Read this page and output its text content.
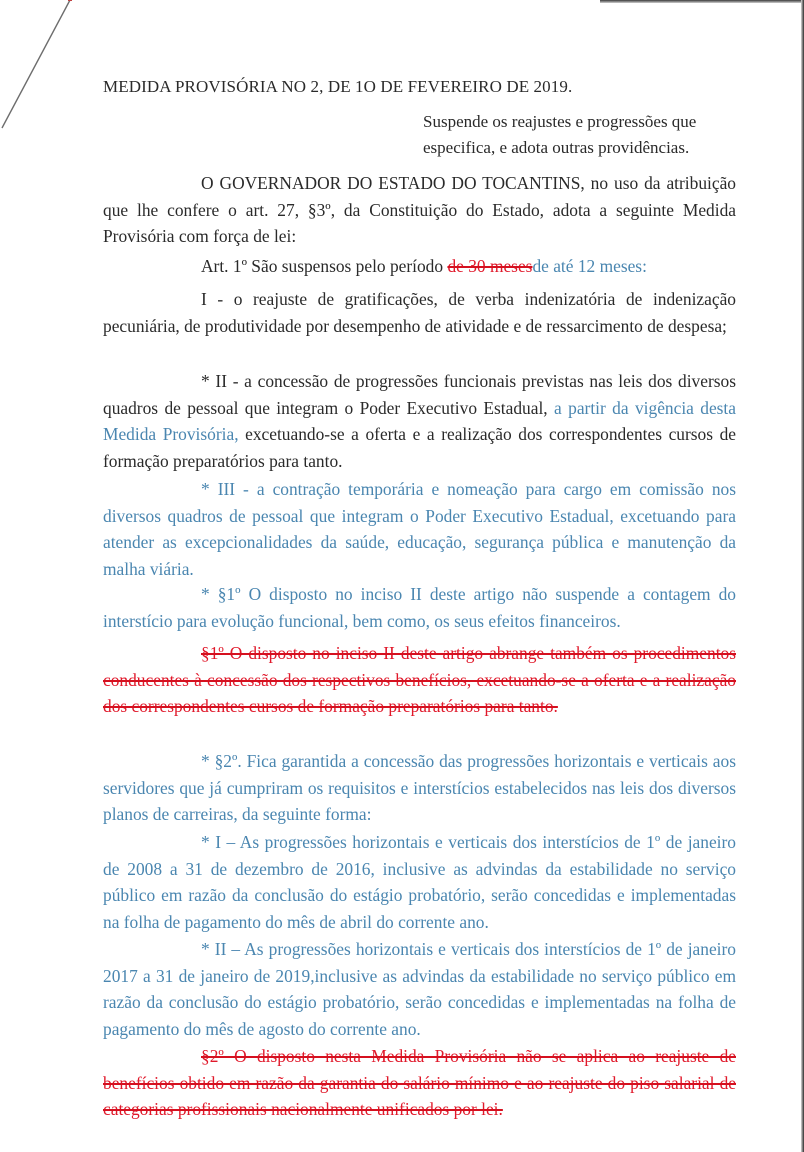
MEDIDA PROVISÓRIA NO 2, DE 1O DE FEVEREIRO DE 2019.
Suspende os reajustes e progressões que especifica, e adota outras providências.
O GOVERNADOR DO ESTADO DO TOCANTINS, no uso da atribuição que lhe confere o art. 27, §3º, da Constituição do Estado, adota a seguinte Medida Provisória com força de lei:
Art. 1º São suspensos pelo período de 30 mesesde até 12 meses:
I - o reajuste de gratificações, de verba indenizatória de indenização pecuniária, de produtividade por desempenho de atividade e de ressarcimento de despesa;
* II - a concessão de progressões funcionais previstas nas leis dos diversos quadros de pessoal que integram o Poder Executivo Estadual, a partir da vigência desta Medida Provisória, excetuando-se a oferta e a realização dos correspondentes cursos de formação preparatórios para tanto.
* III - a contração temporária e nomeação para cargo em comissão nos diversos quadros de pessoal que integram o Poder Executivo Estadual, excetuando para atender as excepcionalidades da saúde, educação, segurança pública e manutenção da malha viária.
* §1º O disposto no inciso II deste artigo não suspende a contagem do interstício para evolução funcional, bem como, os seus efeitos financeiros.
§1º O disposto no inciso II deste artigo abrange também os procedimentos conducentes à concessão dos respectivos benefícios, excetuando-se a oferta e a realização dos correspondentes cursos de formação preparatórios para tanto.
* §2º. Fica garantida a concessão das progressões horizontais e verticais aos servidores que já cumpriram os requisitos e interstícios estabelecidos nas leis dos diversos planos de carreiras, da seguinte forma:
* I – As progressões horizontais e verticais dos interstícios de 1º de janeiro de 2008 a 31 de dezembro de 2016, inclusive as advindas da estabilidade no serviço público em razão da conclusão do estágio probatório, serão concedidas e implementadas na folha de pagamento do mês de abril do corrente ano.
* II – As progressões horizontais e verticais dos interstícios de 1º de janeiro 2017 a 31 de janeiro de 2019,inclusive as advindas da estabilidade no serviço público em razão da conclusão do estágio probatório, serão concedidas e implementadas na folha de pagamento do mês de agosto do corrente ano.
§2º O disposto nesta Medida Provisória não se aplica ao reajuste de benefícios obtido em razão da garantia do salário mínimo e ao reajuste do piso salarial de categorias profissionais nacionalmente unificados por lei.
